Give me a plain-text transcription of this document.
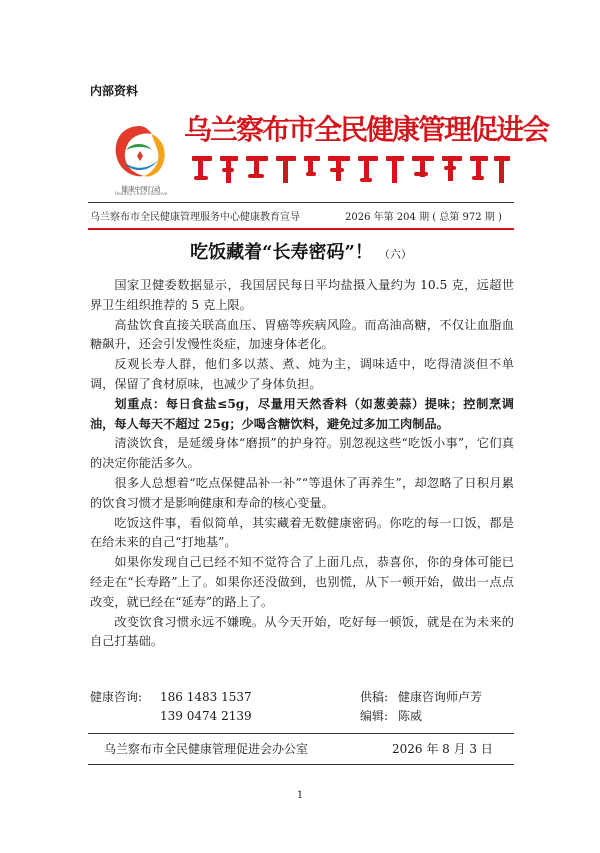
内部资料
健康中国行动
Healthy China Initiative
乌兰察布市全民健康管理促进会
乌兰察布市全民健康管理服务中心健康教育宣导	2026 年第 204 期 ( 总第 972 期 )
吃饭藏着“长寿密码”！ （六）

国家卫健委数据显示，我国居民每日平均盐摄入量约为 10.5 克，远超世界卫生组织推荐的 5 克上限。

高盐饮食直接关联高血压、胃癌等疾病风险。而高油高糖，不仅让血脂血糖飙升，还会引发慢性炎症，加速身体老化。

反观长寿人群，他们多以蒸、煮、炖为主，调味适中，吃得清淡但不单调，保留了食材原味，也减少了身体负担。

划重点：每日食盐≤5g，尽量用天然香料（如葱姜蒜）提味；控制烹调油，每人每天不超过 25g；少喝含糖饮料，避免过多加工肉制品。

清淡饮食，是延缓身体“磨损”的护身符。别忽视这些“吃饭小事”，它们真的决定你能活多久。

很多人总想着“吃点保健品补一补”“等退休了再养生”，却忽略了日积月累的饮食习惯才是影响健康和寿命的核心变量。

吃饭这件事，看似简单，其实藏着无数健康密码。你吃的每一口饭，都是在给未来的自己“打地基”。

如果你发现自己已经不知不觉符合了上面几点，恭喜你，你的身体可能已经走在“长寿路”上了。如果你还没做到，也别慌，从下一顿开始，做出一点点改变，就已经在“延寿”的路上了。

改变饮食习惯永远不嫌晚。从今天开始，吃好每一顿饭，就是在为未来的自己打基础。

健康咨询:	186 1483 1537
139 0474 2139
供稿: 健康咨询师卢芳
编辑: 陈威
乌兰察布市全民健康管理促进会办公室	2026 年 8 月 3 日
1
